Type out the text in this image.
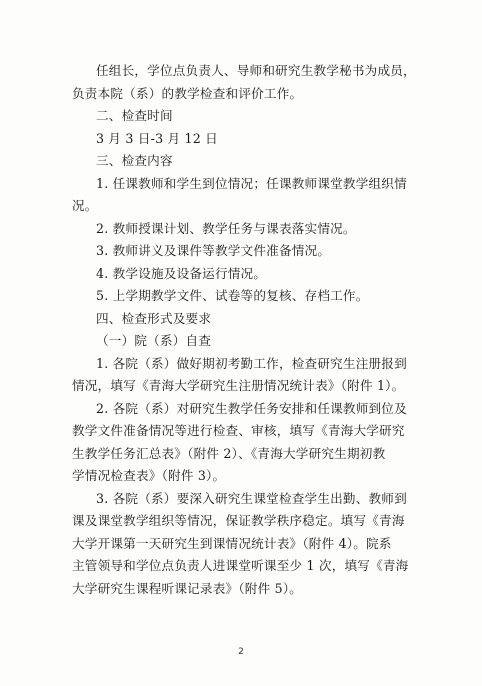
任组长，学位点负责人、导师和研究生教学秘书为成员，
负责本院（系）的教学检查和评价工作。
二、检查时间
3 月 3 日-3 月 12 日
三、检查内容
1. 任课教师和学生到位情况；任课教师课堂教学组织情
况。
2. 教师授课计划、教学任务与课表落实情况。
3. 教师讲义及课件等教学文件准备情况。
4. 教学设施及设备运行情况。
5. 上学期教学文件、试卷等的复核、存档工作。
四、检查形式及要求
（一）院（系）自查
1. 各院（系）做好期初考勤工作，检查研究生注册报到
情况，填写《青海大学研究生注册情况统计表》（附件 1）。
2. 各院（系）对研究生教学任务安排和任课教师到位及
教学文件准备情况等进行检查、审核，填写《青海大学研究
生教学任务汇总表》（附件 2）、《青海大学研究生期初教
学情况检查表》（附件 3）。
3. 各院（系）要深入研究生课堂检查学生出勤、教师到
课及课堂教学组织等情况，保证教学秩序稳定。填写《青海
大学开课第一天研究生到课情况统计表》（附件 4）。院系
主管领导和学位点负责人进课堂听课至少 1 次，填写《青海
大学研究生课程听课记录表》（附件 5）。
2
